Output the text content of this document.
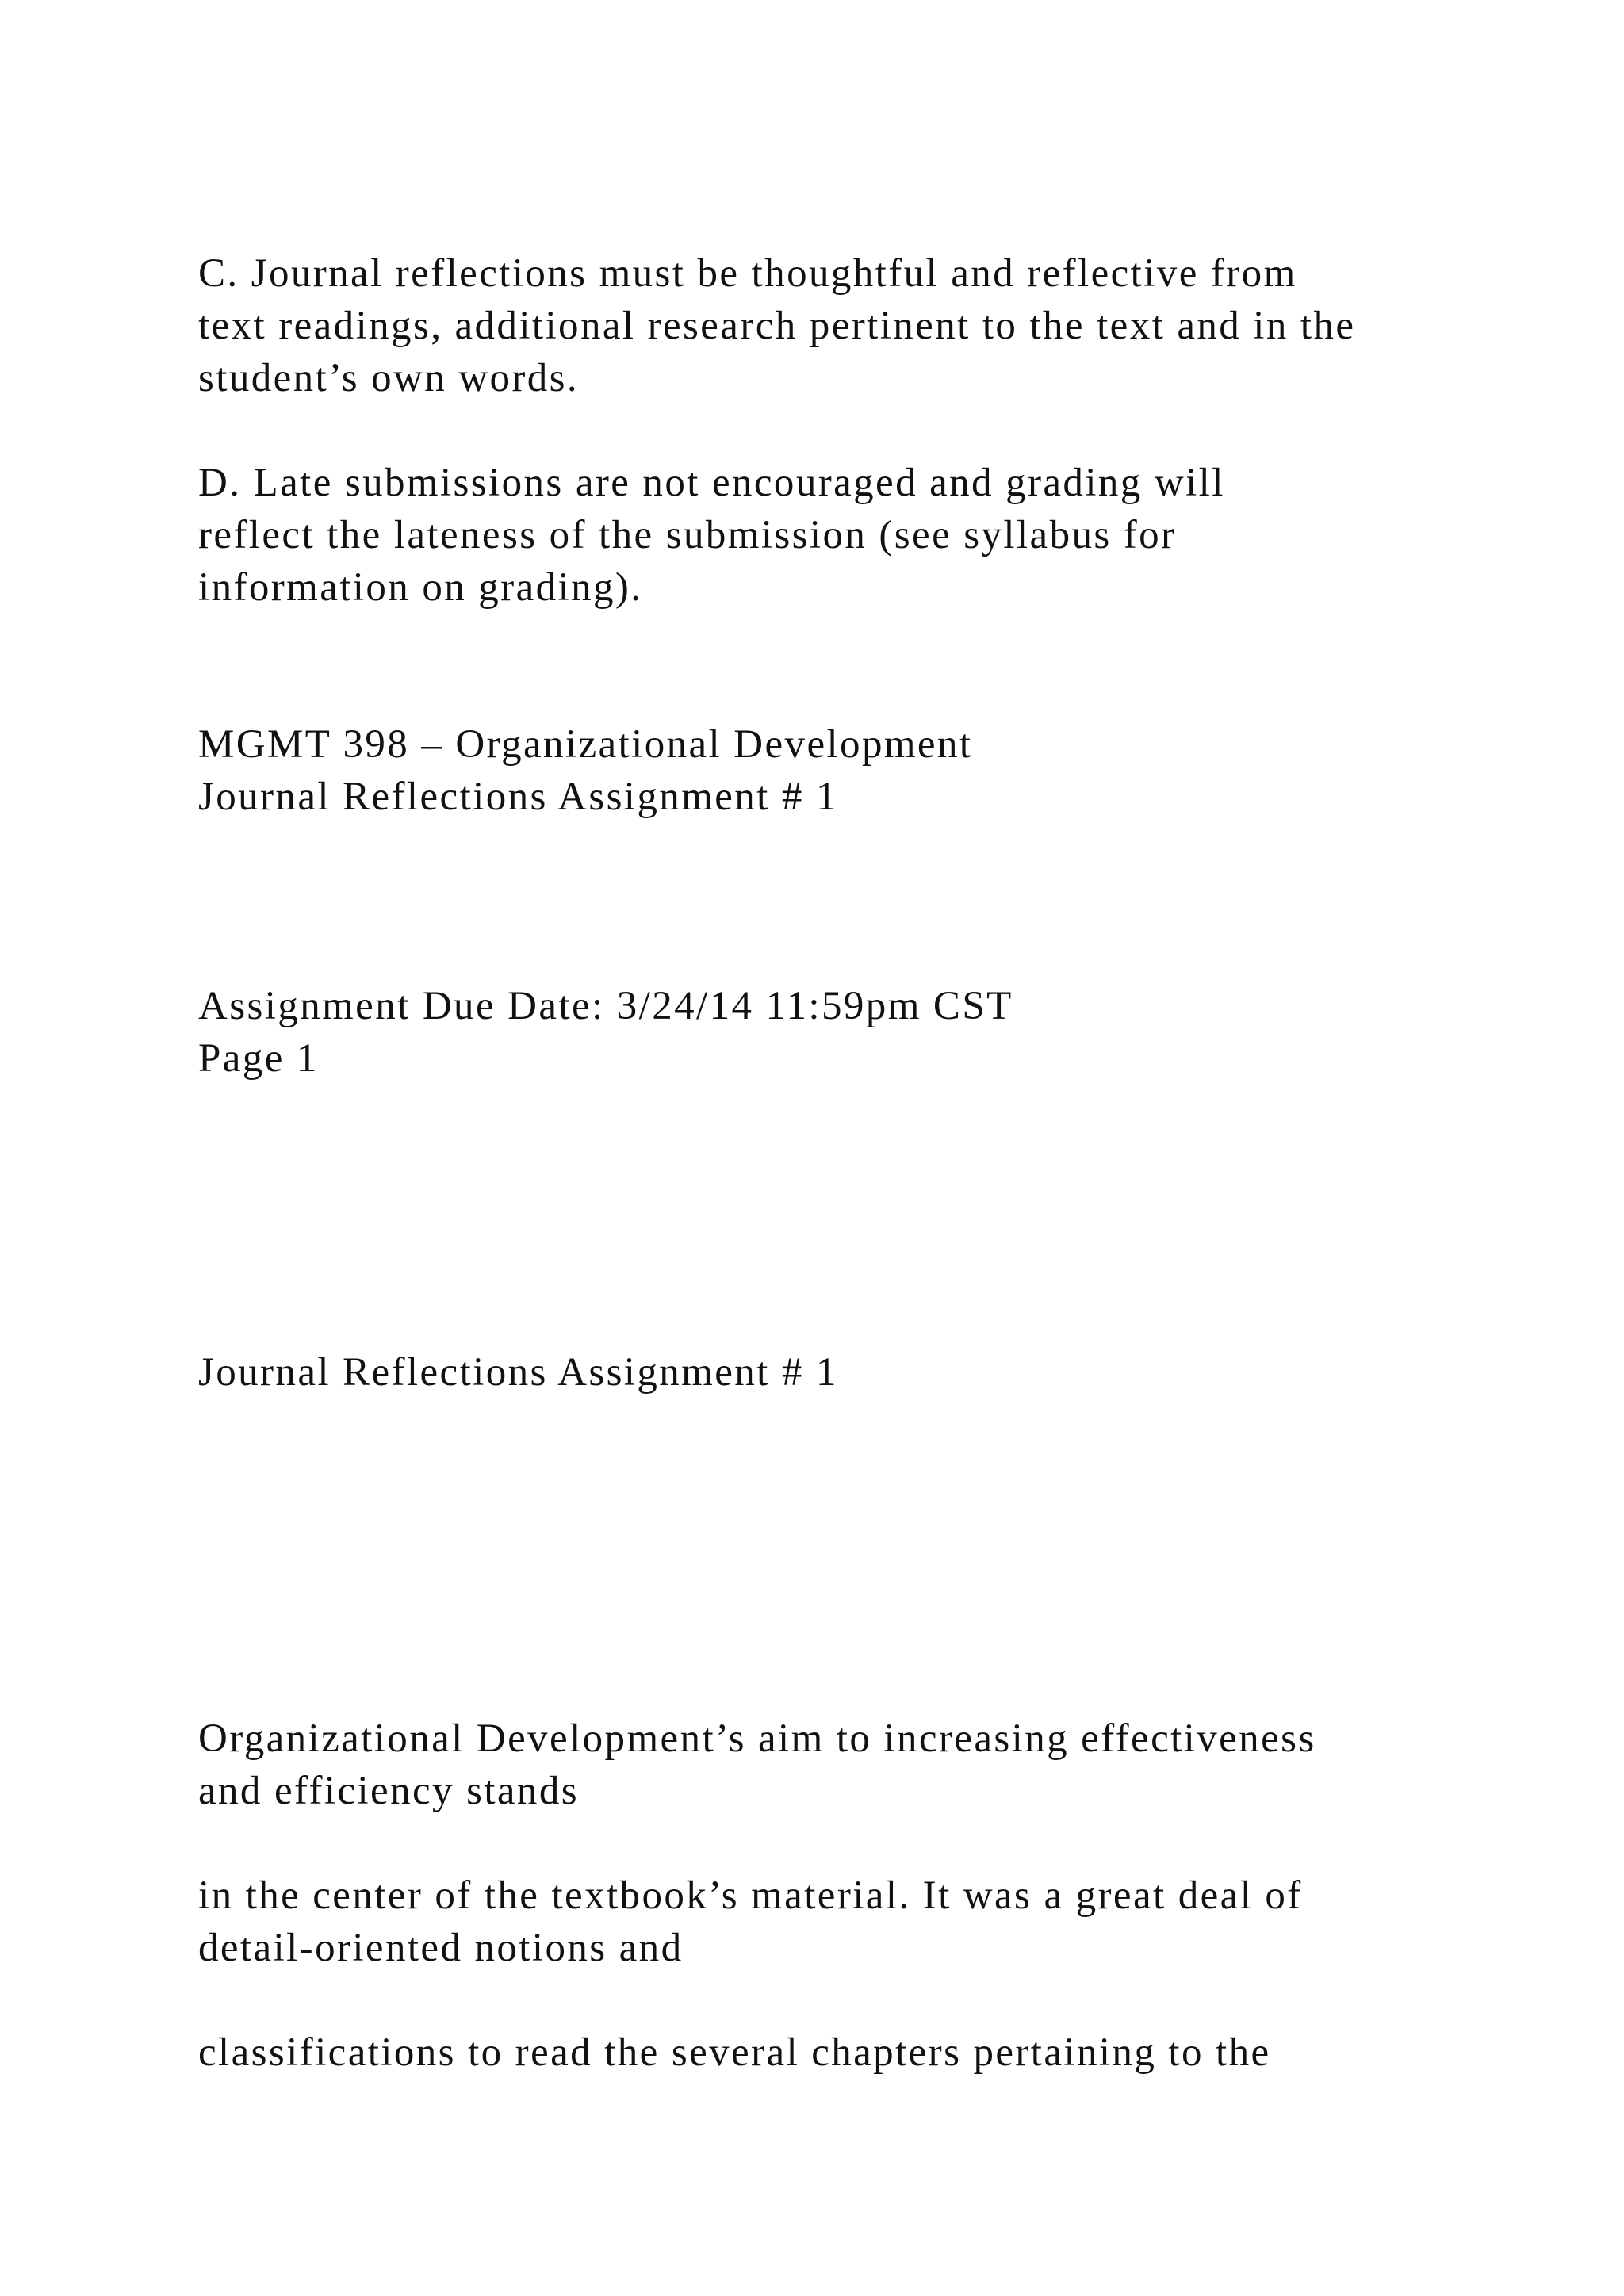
C. Journal reflections must be thoughtful and reflective from

text readings, additional research pertinent to the text and in the

student’s own words.

D. Late submissions are not encouraged and grading will

reflect the lateness of the submission (see syllabus for

information on grading).

MGMT 398 – Organizational Development

Journal Reflections Assignment # 1

Assignment Due Date: 3/24/14 11:59pm CST

Page 1

Journal Reflections Assignment # 1

Organizational Development’s aim to increasing effectiveness

and efficiency stands

in the center of the textbook’s material. It was a great deal of

detail-oriented notions and

classifications to read the several chapters pertaining to the
